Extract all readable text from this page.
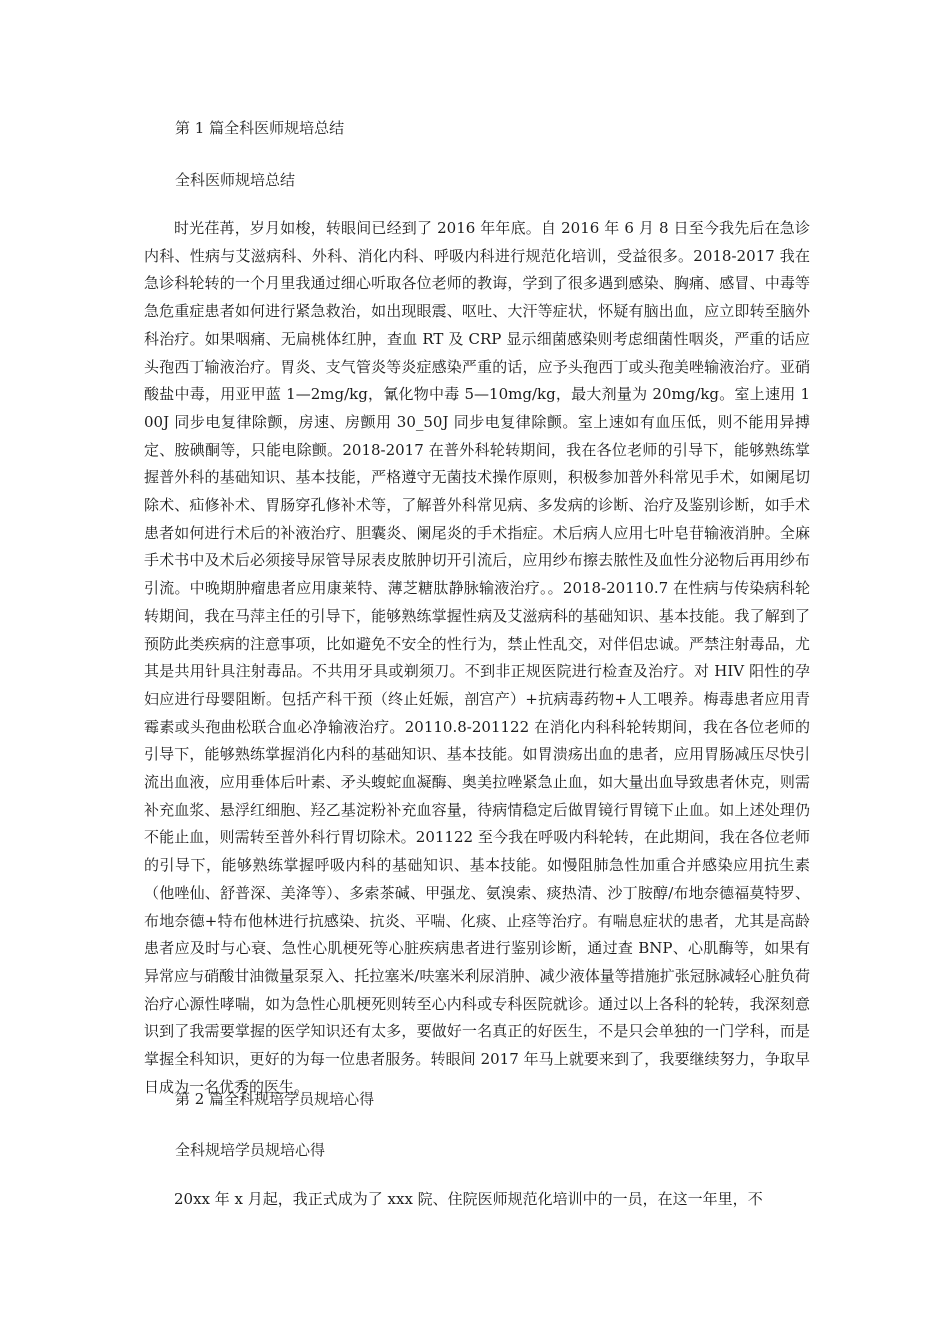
第 1 篇全科医师规培总结
全科医师规培总结
时光荏苒，岁月如梭，转眼间已经到了 2016 年年底。自 2016 年 6 月 8 日至今我先后在急诊内科、性病与艾滋病科、外科、消化内科、呼吸内科进行规范化培训，受益很多。2018-2017 我在急诊科轮转的一个月里我通过细心听取各位老师的教诲，学到了很多遇到感染、胸痛、感冒、中毒等急危重症患者如何进行紧急救治，如出现眼震、呕吐、大汗等症状，怀疑有脑出血，应立即转至脑外科治疗。如果咽痛、无扁桃体红肿，查血 RT 及 CRP 显示细菌感染则考虑细菌性咽炎，严重的话应头孢西丁输液治疗。胃炎、支气管炎等炎症感染严重的话，应予头孢西丁或头孢美唑输液治疗。亚硝酸盐中毒，用亚甲蓝 1—2mg/kg，氰化物中毒 5—10mg/kg，最大剂量为 20mg/kg。室上速用 100J 同步电复律除颤，房速、房颤用 30_50J 同步电复律除颤。室上速如有血压低，则不能用异搏定、胺碘酮等，只能电除颤。2018-2017 在普外科轮转期间，我在各位老师的引导下，能够熟练掌握普外科的基础知识、基本技能，严格遵守无菌技术操作原则，积极参加普外科常见手术，如阑尾切除术、疝修补术、胃肠穿孔修补术等，了解普外科常见病、多发病的诊断、治疗及鉴别诊断，如手术患者如何进行术后的补液治疗、胆囊炎、阑尾炎的手术指症。术后病人应用七叶皂苷输液消肿。全麻手术书中及术后必须接导尿管导尿表皮脓肿切开引流后，应用纱布擦去脓性及血性分泌物后再用纱布引流。中晚期肿瘤患者应用康莱特、薄芝糖肽静脉输液治疗。。2018-20110.7 在性病与传染病科轮转期间，我在马萍主任的引导下，能够熟练掌握性病及艾滋病科的基础知识、基本技能。我了解到了预防此类疾病的注意事项，比如避免不安全的性行为，禁止性乱交，对伴侣忠诚。严禁注射毒品，尤其是共用针具注射毒品。不共用牙具或剃须刀。不到非正规医院进行检查及治疗。对 HIV 阳性的孕妇应进行母婴阻断。包括产科干预（终止妊娠，剖宫产）+抗病毒药物+人工喂养。梅毒患者应用青霉素或头孢曲松联合血必净输液治疗。20110.8-201122 在消化内科科轮转期间，我在各位老师的引导下，能够熟练掌握消化内科的基础知识、基本技能。如胃溃疡出血的患者，应用胃肠减压尽快引流出血液，应用垂体后叶素、矛头蝮蛇血凝酶、奥美拉唑紧急止血，如大量出血导致患者休克，则需补充血浆、悬浮红细胞、羟乙基淀粉补充血容量，待病情稳定后做胃镜行胃镜下止血。如上述处理仍不能止血，则需转至普外科行胃切除术。201122 至今我在呼吸内科轮转，在此期间，我在各位老师的引导下，能够熟练掌握呼吸内科的基础知识、基本技能。如慢阻肺急性加重合并感染应用抗生素（他唑仙、舒普深、美洚等）、多索茶碱、甲强龙、氨溴索、痰热清、沙丁胺醇/布地奈德福莫特罗、布地奈德+特布他林进行抗感染、抗炎、平喘、化痰、止痉等治疗。有喘息症状的患者，尤其是高龄患者应及时与心衰、急性心肌梗死等心脏疾病患者进行鉴别诊断，通过查 BNP、心肌酶等，如果有异常应与硝酸甘油微量泵泵入、托拉塞米/呋塞米利尿消肿、减少液体量等措施扩张冠脉减轻心脏负荷治疗心源性哮喘，如为急性心肌梗死则转至心内科或专科医院就诊。通过以上各科的轮转，我深刻意识到了我需要掌握的医学知识还有太多，要做好一名真正的好医生，不是只会单独的一门学科，而是掌握全科知识，更好的为每一位患者服务。转眼间 2017 年马上就要来到了，我要继续努力，争取早日成为一名优秀的医生。
第 2 篇全科规培学员规培心得
全科规培学员规培心得
20xx 年 x 月起，我正式成为了 xxx 院、住院医师规范化培训中的一员，在这一年里，不
